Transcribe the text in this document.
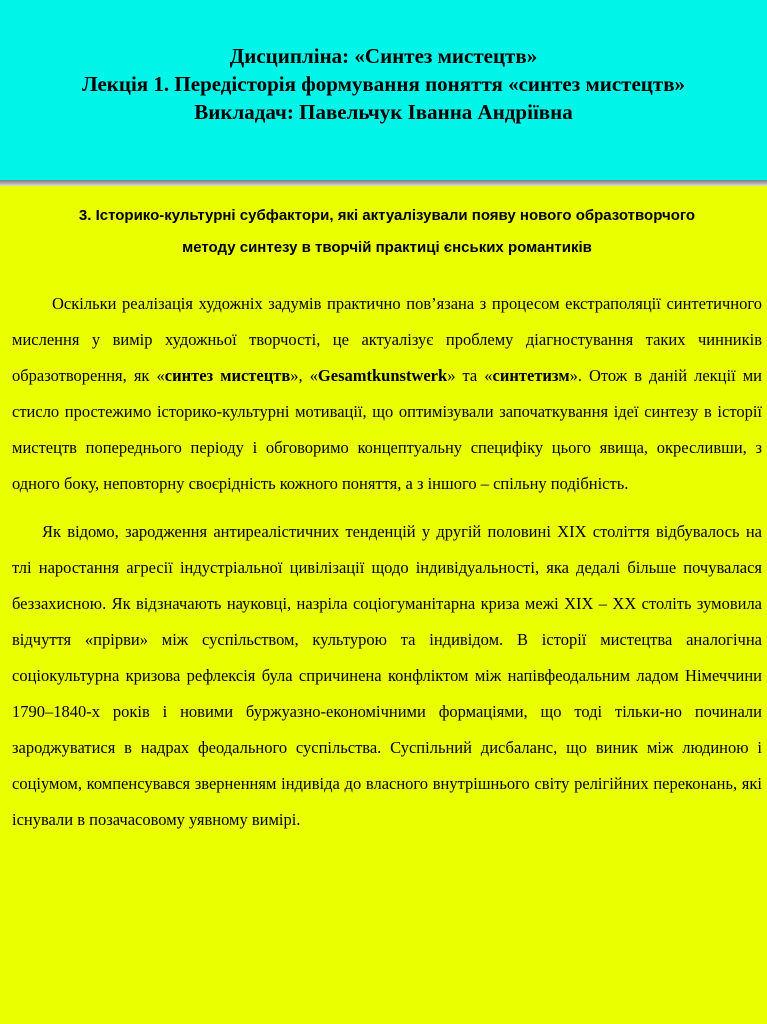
Дисципліна: «Синтез мистецтв»
Лекція 1. Передісторія формування поняття «синтез мистецтв»
Викладач: Павельчук Іванна Андріївна
3. Історико-культурні субфактори, які актуалізували появу нового образотворчого
методу синтезу в творчій практиці єнських романтиків

Оскільки реалізація художніх задумів практично пов’язана з процесом екстраполяції синтетичного мислення у вимір художньої творчості, це актуалізує проблему діагностування таких чинників образотворення, як «синтез мистецтв», «Gesamtkunstwerk» та «синтетизм». Отож в даній лекції ми стисло простежимо історико-культурні мотивації, що оптимізували започаткування ідеї синтезу в історії мистецтв попереднього періоду і обговоримо концептуальну специфіку цього явища, окресливши, з одного боку, неповторну своєрідність кожного поняття, а з іншого – спільну подібність.

Як відомо, зародження антиреалістичних тенденцій у другій половині XIX століття відбувалось на тлі наростання агресії індустріальної цивілізації щодо індивідуальності, яка дедалі більше почувалася беззахисною. Як відзначають науковці, назріла соціогуманітарна криза межі XIX – XX століть зумовила відчуття «прірви» між суспільством, культурою та індивідом. В історії мистецтва аналогічна соціокультурна кризова рефлексія була спричинена конфліктом між напівфеодальним ладом Німеччини 1790–1840-х років і новими буржуазно-економічними формаціями, що тоді тільки-но починали зароджуватися в надрах феодального суспільства. Суспільний дисбаланс, що виник між людиною і соціумом, компенсувався зверненням індивіда до власного внутрішнього світу релігійних переконань, які існували в позачасовому уявному вимірі.
